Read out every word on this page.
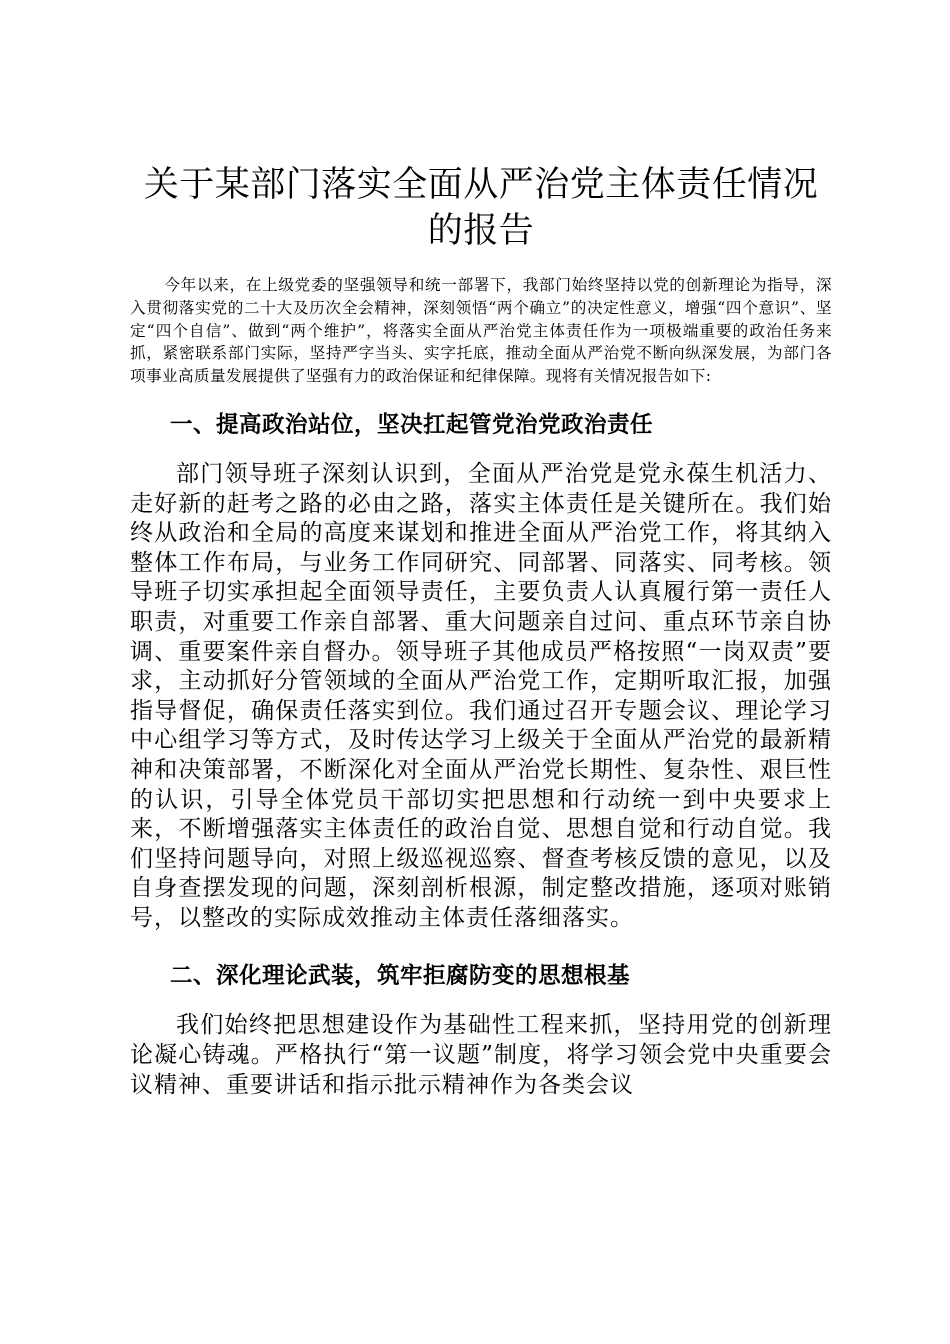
关于某部门落实全面从严治党主体责任情况的报告

今年以来，在上级党委的坚强领导和统一部署下，我部门始终坚持以党的创新理论为指导，深入贯彻落实党的二十大及历次全会精神，深刻领悟“两个确立”的决定性意义，增强“四个意识”、坚定“四个自信”、做到“两个维护”，将落实全面从严治党主体责任作为一项极端重要的政治任务来抓，紧密联系部门实际，坚持严字当头、实字托底，推动全面从严治党不断向纵深发展，为部门各项事业高质量发展提供了坚强有力的政治保证和纪律保障。现将有关情况报告如下:

一、提高政治站位，坚决扛起管党治党政治责任

部门领导班子深刻认识到，全面从严治党是党永葆生机活力、走好新的赶考之路的必由之路，落实主体责任是关键所在。我们始终从政治和全局的高度来谋划和推进全面从严治党工作，将其纳入整体工作布局，与业务工作同研究、同部署、同落实、同考核。领导班子切实承担起全面领导责任，主要负责人认真履行第一责任人职责，对重要工作亲自部署、重大问题亲自过问、重点环节亲自协调、重要案件亲自督办。领导班子其他成员严格按照“一岗双责”要求，主动抓好分管领域的全面从严治党工作，定期听取汇报，加强指导督促，确保责任落实到位。我们通过召开专题会议、理论学习中心组学习等方式，及时传达学习上级关于全面从严治党的最新精神和决策部署，不断深化对全面从严治党长期性、复杂性、艰巨性的认识，引导全体党员干部切实把思想和行动统一到中央要求上来，不断增强落实主体责任的政治自觉、思想自觉和行动自觉。我们坚持问题导向，对照上级巡视巡察、督查考核反馈的意见，以及自身查摆发现的问题，深刻剖析根源，制定整改措施，逐项对账销号，以整改的实际成效推动主体责任落细落实。

二、深化理论武装，筑牢拒腐防变的思想根基

我们始终把思想建设作为基础性工程来抓，坚持用党的创新理论凝心铸魂。严格执行“第一议题”制度，将学习领会党中央重要会议精神、重要讲话和指示批示精神作为各类会议
